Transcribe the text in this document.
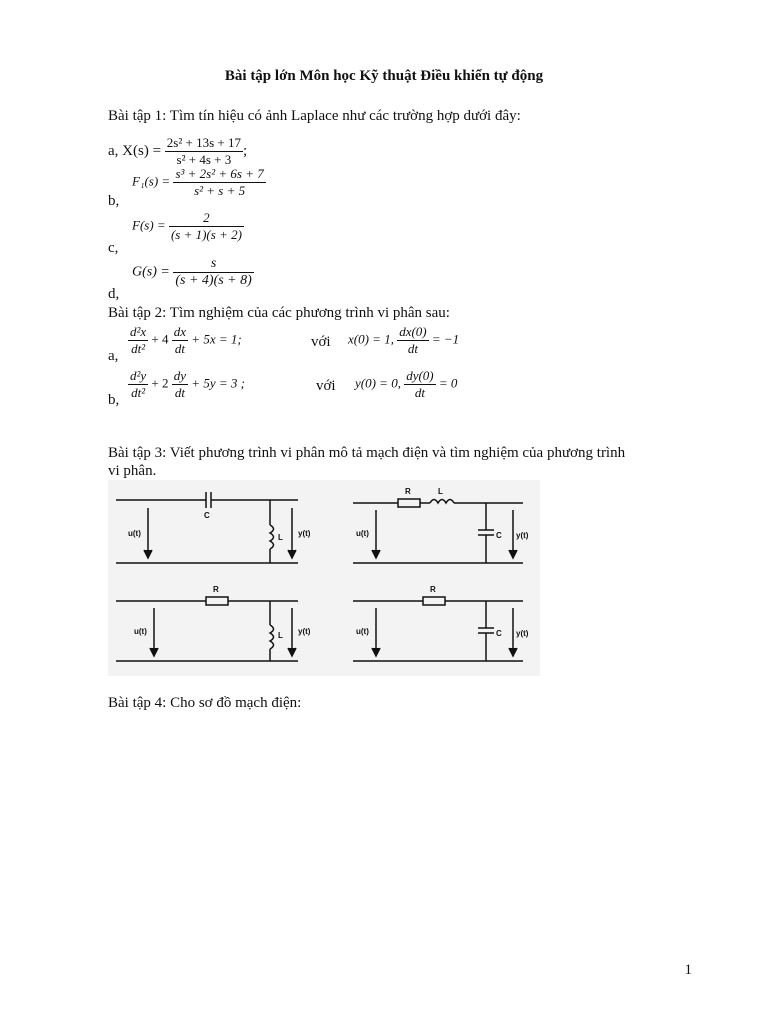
Bài tập lớn Môn học Kỹ thuật Điều khiển tự động
Bài tập 1: Tìm tín hiệu có ảnh Laplace như các trường hợp dưới đây:
a, $X(s) = \frac{\text{2s² + 13s + 17}}{\text{s² + 4s + 3}}$ ;
$F_1(s) = \frac{\text{s³ + 2s² + 6s + 7}}{\text{s² + s + 5}}$
b,
$F(s) = \frac{2}{(s + 1)(s + 2)}$
c,
$G(s) = \frac{s}{(s + 4)(s + 8)}$
d,
Bài tập 2: Tìm nghiệm của các phương trình vi phân sau:
$\frac{\text{d²x}}{\text{dt²}} + 4 \frac{dx}{dt} + 5x = 1$;	với x(0) = 1, $\frac{dx(0)}{dt} = -1$
a,
$\frac{\text{d²y}}{\text{dt²}} + 2 \frac{dy}{dt} + 5y = 3$ ;	với y(0) = 0, $\frac{dy(0)}{dt} = 0$
b,
Bài tập 3: Viết phương trình vi phân mô tả mạch điện và tìm nghiệm của phương trình
vi phân.
C
u(t)	L y(t)
R	L
u(t)	C y(t)
R
u(t)	L y(t)
R
u(t)	C y(t)
Bài tập 4: Cho sơ đồ mạch điện:
1
